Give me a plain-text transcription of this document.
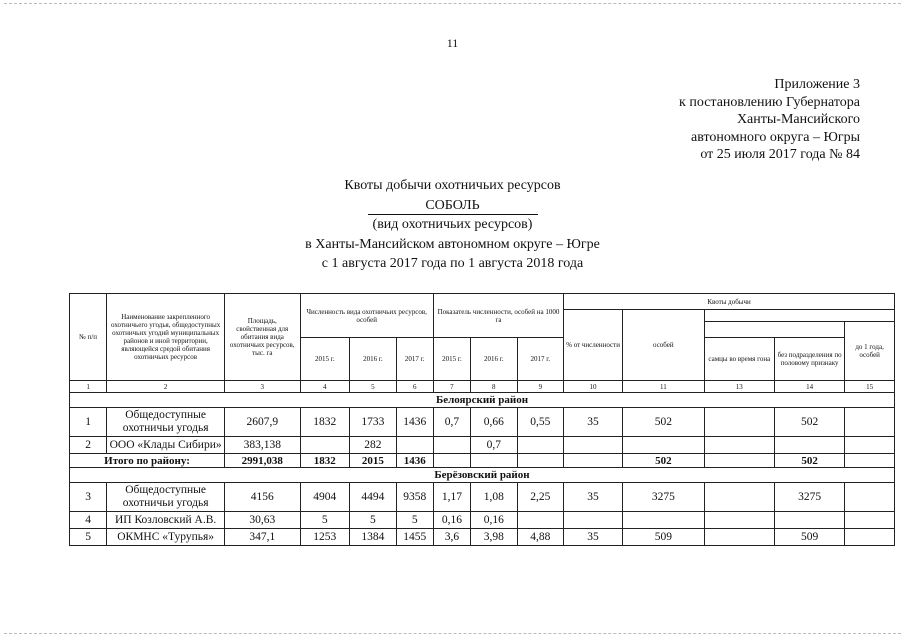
11
Приложение 3
к постановлению Губернатора
Ханты-Мансийского
автономного округа – Югры
от 25 июля 2017 года № 84
Квоты добычи охотничьих ресурсов
СОБОЛЬ
(вид охотничьих ресурсов)
в Ханты-Мансийском автономном округе – Югре
с 1 августа 2017 года по 1 августа 2018 года
№ п/п	Наименование закрепленного охотничьего угодья, общедоступных охотничьих угодий муниципальных районов и иной территории, являющейся средой обитания охотничьих ресурсов	Площадь, свойственная для обитания вида охотничьих ресурсов, тыс. га	Численность вида охотничьих ресурсов, особей			Показатель численности, особей на 1000 га			Квоты добычи				
									% от численности	особей			
													до 1 года, особей
			2015 г.	2016 г.	2017 г.	2015 г.	2016 г.	2017 г.			самцы во время гона	без подразделения по половому признаку	
1	2	3	4	5	6	7	8	9	10	11	13	14	15
Белоярский район													
1	Общедоступные охотничьи угодья	2607,9	1832	1733	1436	0,7	0,66	0,55	35	502		502	
2	ООО «Клады Сибири»	383,138		282			0,7						
Итого по району:		2991,038	1832	2015	1436					502		502	
Берёзовский район													
3	Общедоступные охотничьи угодья	4156	4904	4494	9358	1,17	1,08	2,25	35	3275		3275	
4	ИП Козловский А.В.	30,63	5	5	5	0,16	0,16						
5	ОКМНС «Турупья»	347,1	1253	1384	1455	3,6	3,98	4,88	35	509		509	
